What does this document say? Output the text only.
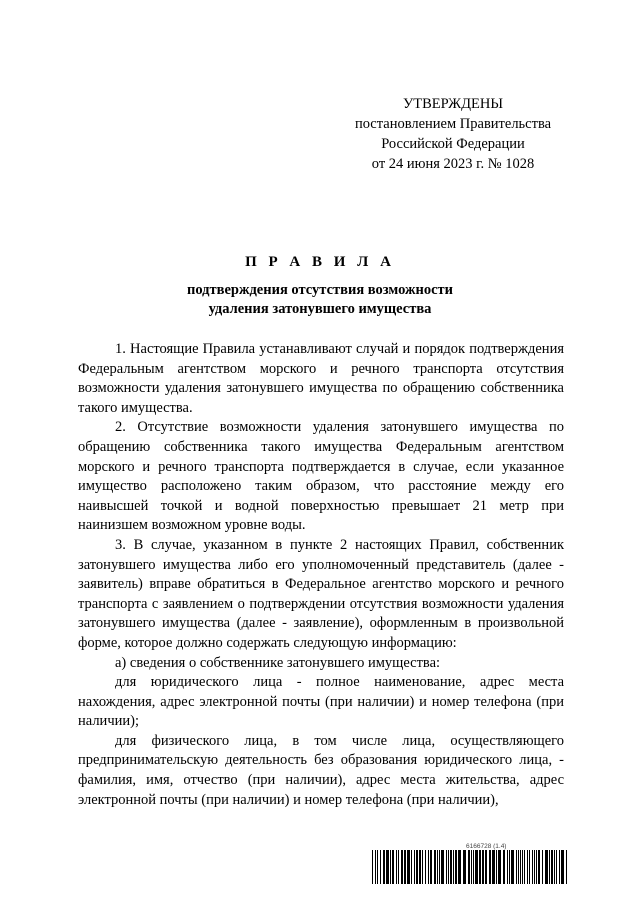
УТВЕРЖДЕНЫ
постановлением Правительства
Российской Федерации
от 24 июня 2023 г. № 1028
П Р А В И Л А
подтверждения отсутствия возможности
удаления затонувшего имущества

1. Настоящие Правила устанавливают случай и порядок подтверждения Федеральным агентством морского и речного транспорта отсутствия возможности удаления затонувшего имущества по обращению собственника такого имущества.

2. Отсутствие возможности удаления затонувшего имущества по обращению собственника такого имущества Федеральным агентством морского и речного транспорта подтверждается в случае, если указанное имущество расположено таким образом, что расстояние между его наивысшей точкой и водной поверхностью превышает 21 метр при наинизшем возможном уровне воды.

3. В случае, указанном в пункте 2 настоящих Правил, собственник затонувшего имущества либо его уполномоченный представитель (далее - заявитель) вправе обратиться в Федеральное агентство морского и речного транспорта с заявлением о подтверждении отсутствия возможности удаления затонувшего имущества (далее - заявление), оформленным в произвольной форме, которое должно содержать следующую информацию:

а) сведения о собственнике затонувшего имущества:

для юридического лица - полное наименование, адрес места нахождения, адрес электронной почты (при наличии) и номер телефона (при наличии);

для физического лица, в том числе лица, осуществляющего предпринимательскую деятельность без образования юридического лица, - фамилия, имя, отчество (при наличии), адрес места жительства, адрес электронной почты (при наличии) и номер телефона (при наличии),

6166728 (1.4)
